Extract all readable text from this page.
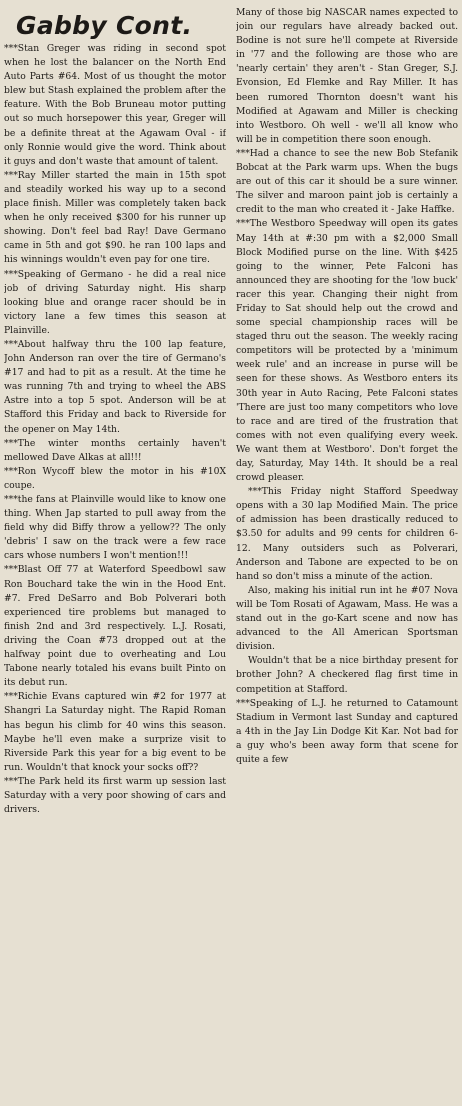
Gabby Cont.

***Stan Greger was riding in second spot when he lost the balancer on the North End Auto Parts #64. Most of us thought the motor blew but Stash explained the problem after the feature. With the Bob Bruneau motor putting out so much horsepower this year, Greger will be a definite threat at the Agawam Oval - if only Ronnie would give the word. Think about it guys and don't waste that amount of talent.

***Ray Miller started the main in 15th spot and steadily worked his way up to a second place finish. Miller was completely taken back when he only received $300 for his runner up showing. Don't feel bad Ray! Dave Germano came in 5th and got $90. he ran 100 laps and his winnings wouldn't even pay for one tire.

***Speaking of Germano - he did a real nice job of driving Saturday night. His sharp looking blue and orange racer should be in victory lane a few times this season at Plainville.

***About halfway thru the 100 lap feature, John Anderson ran over the tire of Germano's #17 and had to pit as a result. At the time he was running 7th and trying to wheel the ABS Astre into a top 5 spot. Anderson will be at Stafford this Friday and back to Riverside for the opener on May 14th.

***The winter months certainly haven't mellowed Dave Alkas at all!!!

***Ron Wycoff blew the motor in his #10X coupe.

***the fans at Plainville would like to know one thing. When Jap started to pull away from the field why did Biffy throw a yellow?? The only 'debris' I saw on the track were a few race cars whose numbers I won't mention!!!

***Blast Off 77 at Waterford Speedbowl saw Ron Bouchard take the win in the Hood Ent. #7. Fred DeSarro and Bob Polverari both experienced tire problems but managed to finish 2nd and 3rd respectively. L.J. Rosati, driving the Coan #73 dropped out at the halfway point due to overheating and Lou Tabone nearly totaled his evans built Pinto on its debut run.

***Richie Evans captured win #2 for 1977 at Shangri La Saturday night. The Rapid Roman has begun his climb for 40 wins this season. Maybe he'll even make a surprize visit to Riverside Park this year for a big event to be run. Wouldn't that knock your socks off??

***The Park held its first warm up session last Saturday with a very poor showing of cars and drivers.

Many of those big NASCAR names expected to join our regulars have already backed out. Bodine is not sure he'll compete at Riverside in '77 and the following are those who are 'nearly certain' they aren't - Stan Greger, S.J. Evonsion, Ed Flemke and Ray Miller. It has been rumored Thornton doesn't want his Modified at Agawam and Miller is checking into Westboro. Oh well - we'll all know who will be in competition there soon enough.

***Had a chance to see the new Bob Stefanik Bobcat at the Park warm ups. When the bugs are out of this car it should be a sure winner. The silver and maroon paint job is certainly a credit to the man who created it - Jake Haffke.

***The Westboro Speedway will open its gates May 14th at #:30 pm with a $2,000 Small Block Modified purse on the line. With $425 going to the winner, Pete Falconi has announced they are shooting for the 'low buck' racer this year. Changing their night from Friday to Sat should help out the crowd and some special championship races will be staged thru out the season. The weekly racing competitors will be protected by a 'minimum week rule' and an increase in purse will be seen for these shows. As Westboro enters its 30th year in Auto Racing, Pete Falconi states 'There are just too many competitors who love to race and are tired of the frustration that comes with not even qualifying every week. We want them at Westboro'. Don't forget the day, Saturday, May 14th. It should be a real crowd pleaser.

***This Friday night Stafford Speedway opens with a 30 lap Modified Main. The price of admission has been drastically reduced to $3.50 for adults and 99 cents for children 6-12. Many outsiders such as Polverari, Anderson and Tabone are expected to be on hand so don't miss a minute of the action.

Also, making his initial run int he #07 Nova will be Tom Rosati of Agawam, Mass. He was a stand out in the go-Kart scene and now has advanced to the All American Sportsman division.

Wouldn't that be a nice birthday present for brother John? A checkered flag first time in competition at Stafford.

***Speaking of L.J. he returned to Catamount Stadium in Vermont last Sunday and captured a 4th in the Jay Lin Dodge Kit Kar. Not bad for a guy who's been away form that scene for quite a few
